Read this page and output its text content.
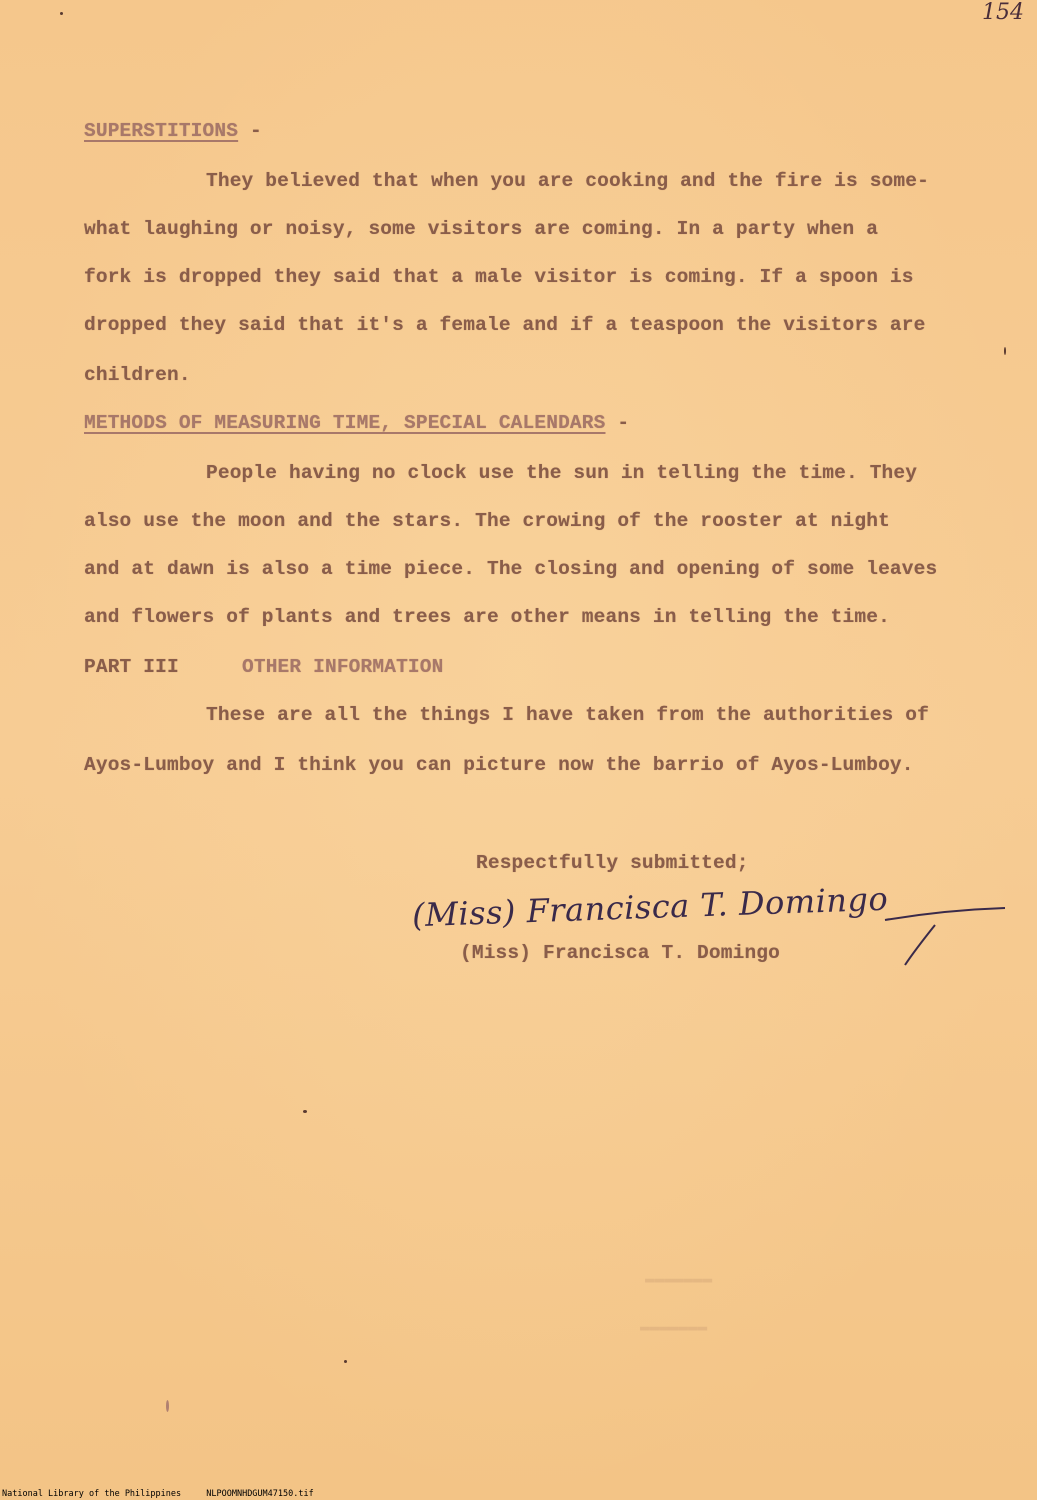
154
SUPERSTITIONS -
They believed that when you are cooking and the fire is some-
what laughing or noisy, some visitors are coming. In a party when a
fork is dropped they said that a male visitor is coming. If a spoon is
dropped they said that it's a female and if a teaspoon the visitors are
children.
METHODS OF MEASURING TIME, SPECIAL CALENDARS -
People having no clock use the sun in telling the time. They
also use the moon and the stars. The crowing of the rooster at night
and at dawn is also a time piece. The closing and opening of some leaves
and flowers of plants and trees are other means in telling the time.
PART III	OTHER INFORMATION
These are all the things I have taken from the authorities of
Ayos-Lumboy and I think you can picture now the barrio of Ayos-Lumboy.
Respectfully submitted;
(Miss) Francisca T. Domingo
(Miss) Francisca T. Domingo
▬▬▬▬▬▬▬
▬▬▬▬▬▬▬
National Library of the Philippines	NLPOOMNHDGUM47150.tif
